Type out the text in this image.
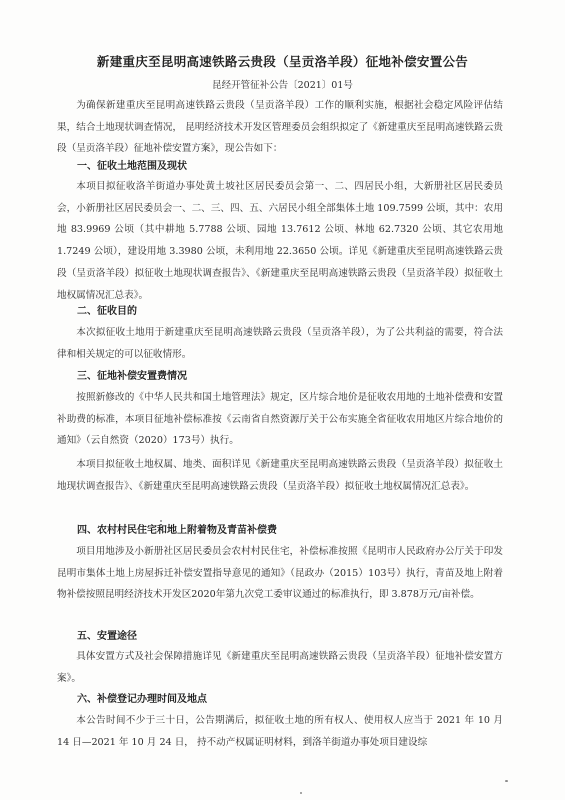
新建重庆至昆明高速铁路云贵段（呈贡洛羊段）征地补偿安置公告
昆经开管征补公告〔2021〕01号

为确保新建重庆至昆明高速铁路云贵段（呈贡洛羊段）工作的顺利实施，根据社会稳定风险评估结果，结合土地现状调查情况， 昆明经济技术开发区管理委员会组织拟定了《新建重庆至昆明高速铁路云贵段（呈贡洛羊段）征地补偿安置方案》，现公告如下：

一、征收土地范围及现状

本项目拟征收洛羊街道办事处黄土坡社区居民委员会第一、二、四居民小组，大新册社区居民委员会，小新册社区居民委员会一、二、三、四、五、六居民小组全部集体土地 109.7599 公顷，其中：农用地 83.9969 公顷（其中耕地 5.7788 公顷、园地 13.7612 公顷、林地 62.7320 公顷、其它农用地 1.7249 公顷），建设用地 3.3980 公顷，未利用地 22.3650 公顷。详见《新建重庆至昆明高速铁路云贵段（呈贡洛羊段）拟征收土地现状调查报告》、《新建重庆至昆明高速铁路云贵段（呈贡洛羊段）拟征收土地权属情况汇总表》。

二、征收目的

本次拟征收土地用于新建重庆至昆明高速铁路云贵段（呈贡洛羊段），为了公共利益的需要，符合法律和相关规定的可以征收情形。

三、征地补偿安置费情况

按照新修改的《中华人民共和国土地管理法》规定，区片综合地价是征收农用地的土地补偿费和安置补助费的标准，本项目征地补偿标准按《云南省自然资源厅关于公布实施全省征收农用地区片综合地价的通知》（云自然资（2020）173号）执行。

本项目拟征收土地权属、地类、面积详见《新建重庆至昆明高速铁路云贵段（呈贡洛羊段）拟征收土地现状调查报告》、《新建重庆至昆明高速铁路云贵段（呈贡洛羊段）拟征收土地权属情况汇总表》。

四、农村村民住宅和地上附着物及青苗补偿费

项目用地涉及小新册社区居民委员会农村村民住宅，补偿标准按照《昆明市人民政府办公厅关于印发昆明市集体土地上房屋拆迁补偿安置指导意见的通知》（昆政办（2015）103号）执行，青苗及地上附着物补偿按照昆明经济技术开发区2020年第九次党工委审议通过的标准执行，即 3.878万元/亩补偿。

五、安置途径

具体安置方式及社会保障措施详见《新建重庆至昆明高速铁路云贵段（呈贡洛羊段）征地补偿安置方案》。

六、补偿登记办理时间及地点

本公告时间不少于三十日，公告期满后，拟征收土地的所有权人、使用权人应当于 2021 年 10 月 14 日—2021 年 10 月 24 日， 持不动产权属证明材料，到洛羊街道办事处项目建设综
